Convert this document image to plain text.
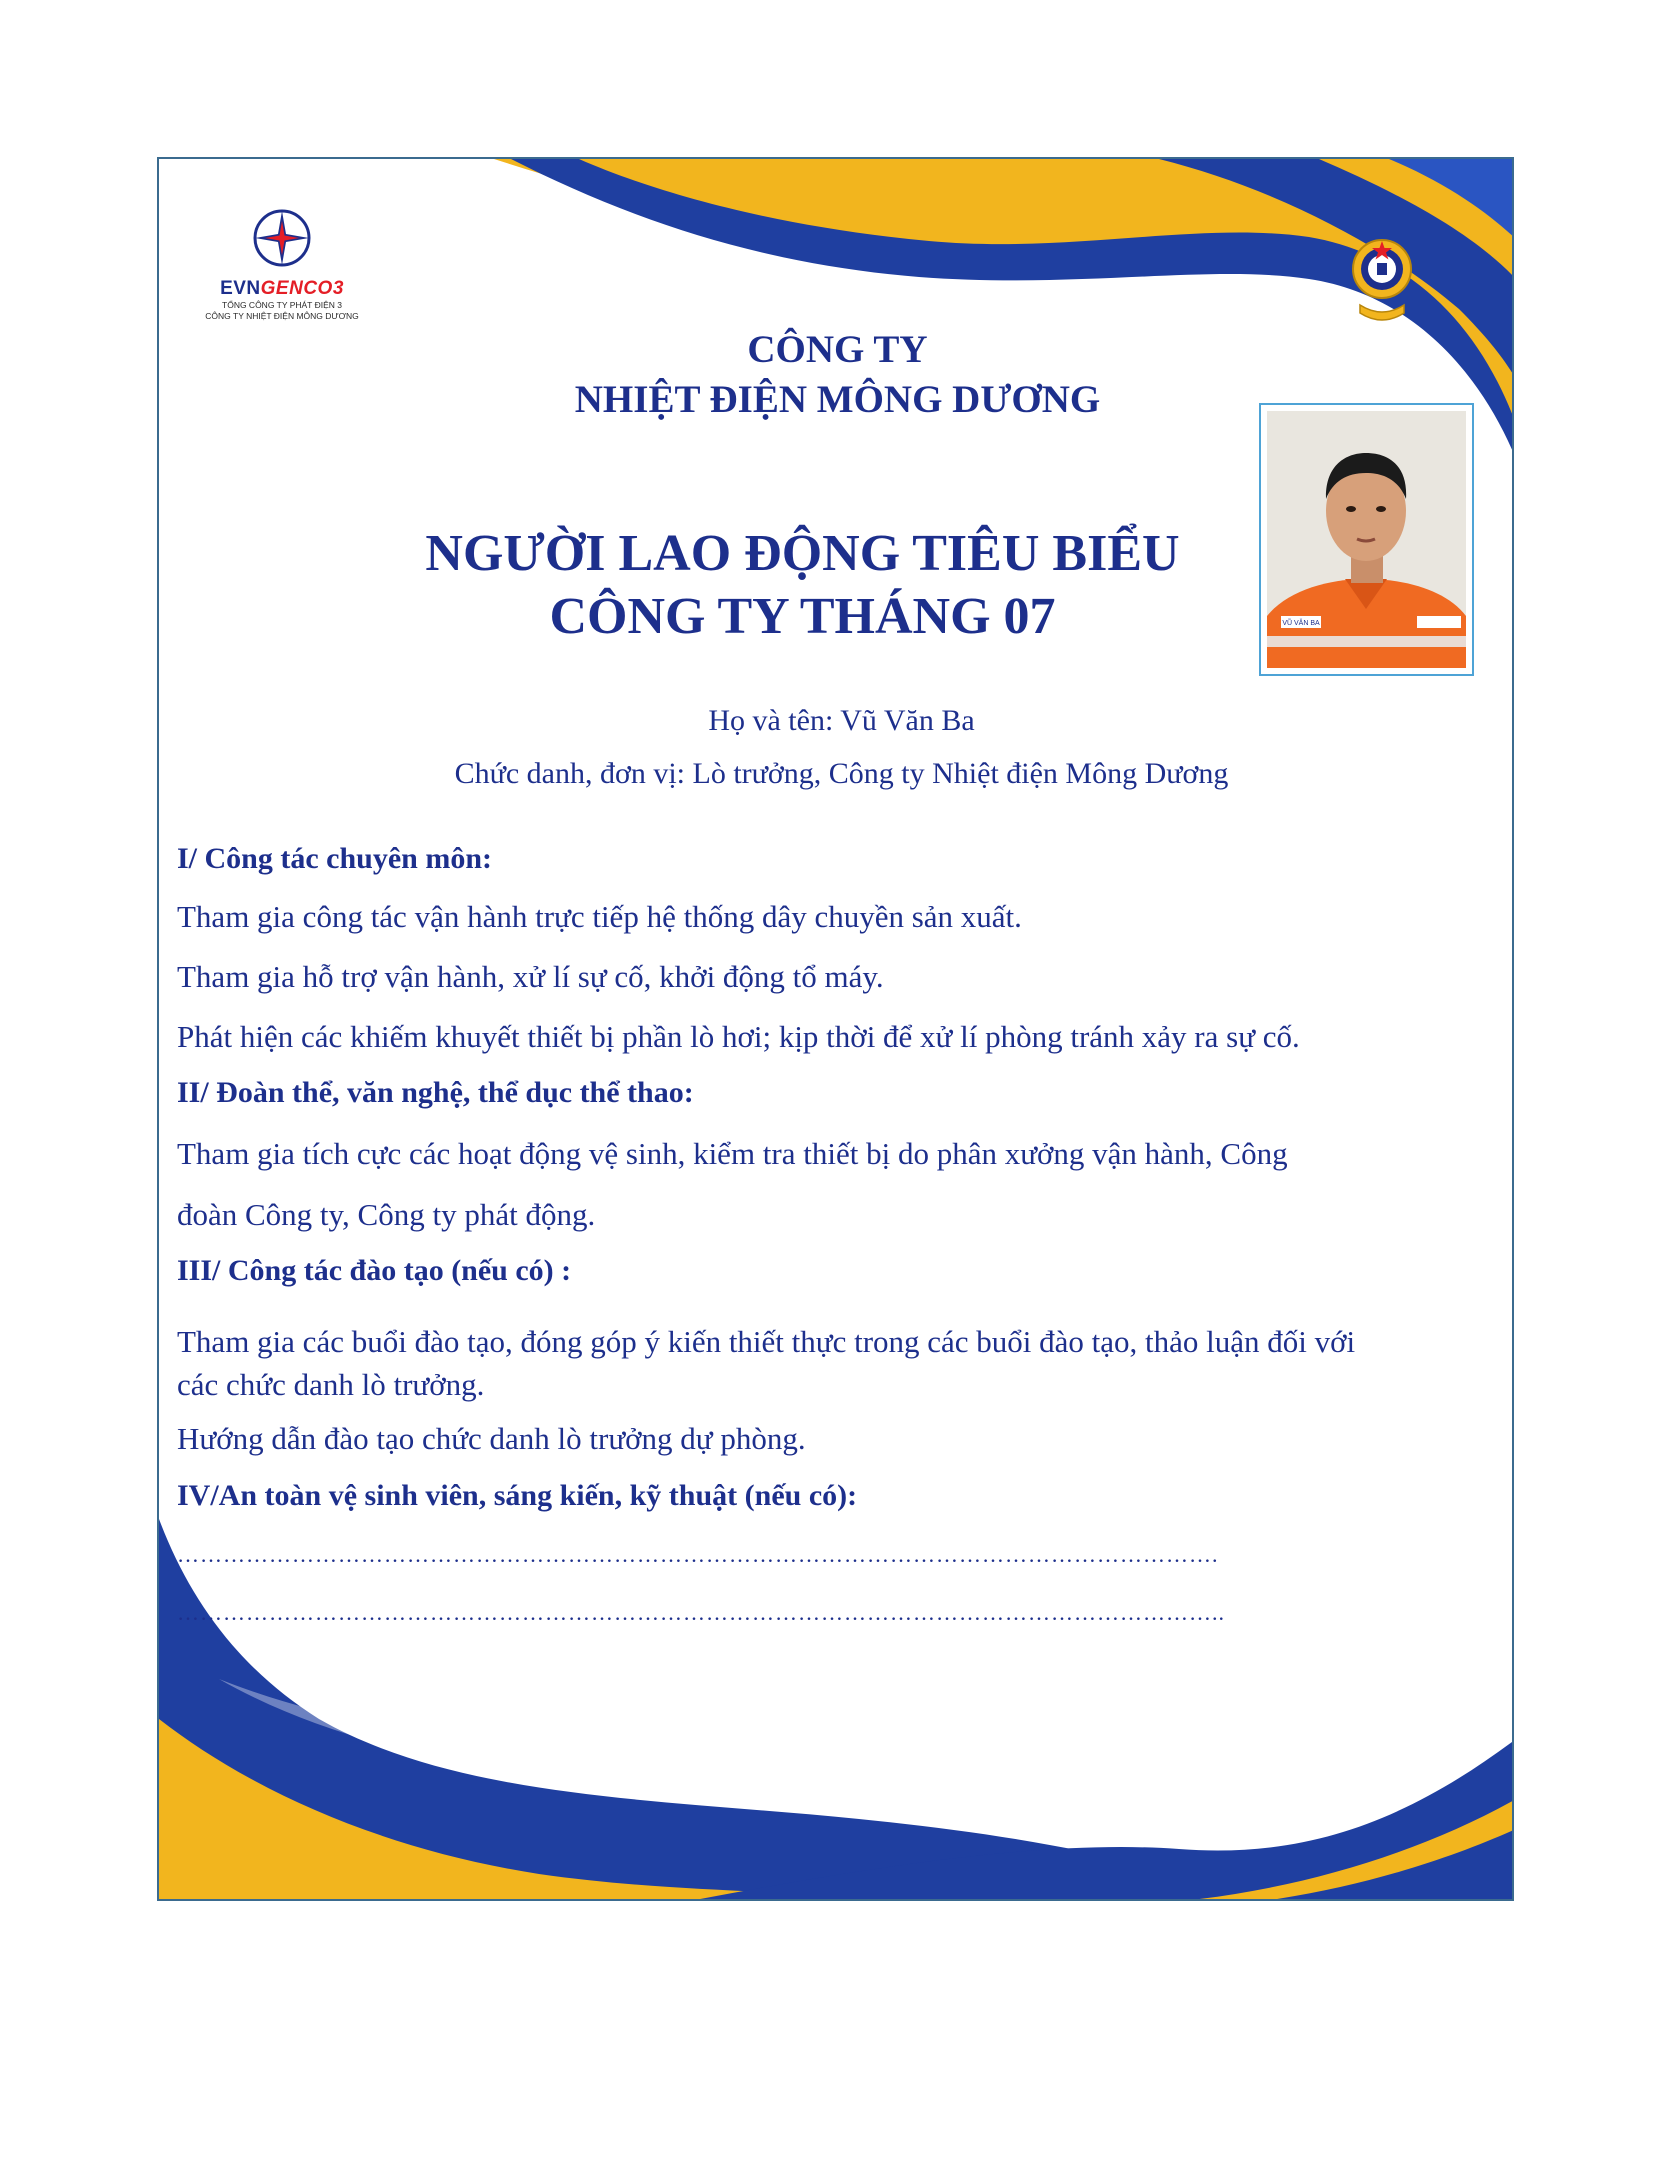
EVNGENCO3
TỔNG CÔNG TY PHÁT ĐIỆN 3
CÔNG TY NHIỆT ĐIỆN MÔNG DƯƠNG
CÔNG TY
NHIỆT ĐIỆN MÔNG DƯƠNG
NGƯỜI LAO ĐỘNG TIÊU BIỂU
CÔNG TY THÁNG 07	VŨ VĂN BA
Họ và tên: Vũ Văn Ba
Chức danh, đơn vị: Lò trưởng, Công ty Nhiệt điện Mông Dương
I/ Công tác chuyên môn:
Tham gia công tác vận hành trực tiếp hệ thống dây chuyền sản xuất.
Tham gia hỗ trợ vận hành, xử lí sự cố, khởi động tổ máy.
Phát hiện các khiếm khuyết thiết bị phần lò hơi; kịp thời để xử lí phòng tránh xảy ra sự cố.
II/ Đoàn thể, văn nghệ, thể dục thể thao:
Tham gia tích cực các hoạt động vệ sinh, kiểm tra thiết bị do phân xưởng vận hành, Công
đoàn Công ty, Công ty phát động.
III/ Công tác đào tạo (nếu có) :
Tham gia các buổi đào tạo, đóng góp ý kiến thiết thực trong các buổi đào tạo, thảo luận đối với
các chức danh lò trưởng.
Hướng dẫn đào tạo chức danh lò trưởng dự phòng.
IV/An toàn vệ sinh viên, sáng kiến, kỹ thuật (nếu có):
……………………………………………………………………………………………………………………….
………………………………………………………………………………………………………………………..
